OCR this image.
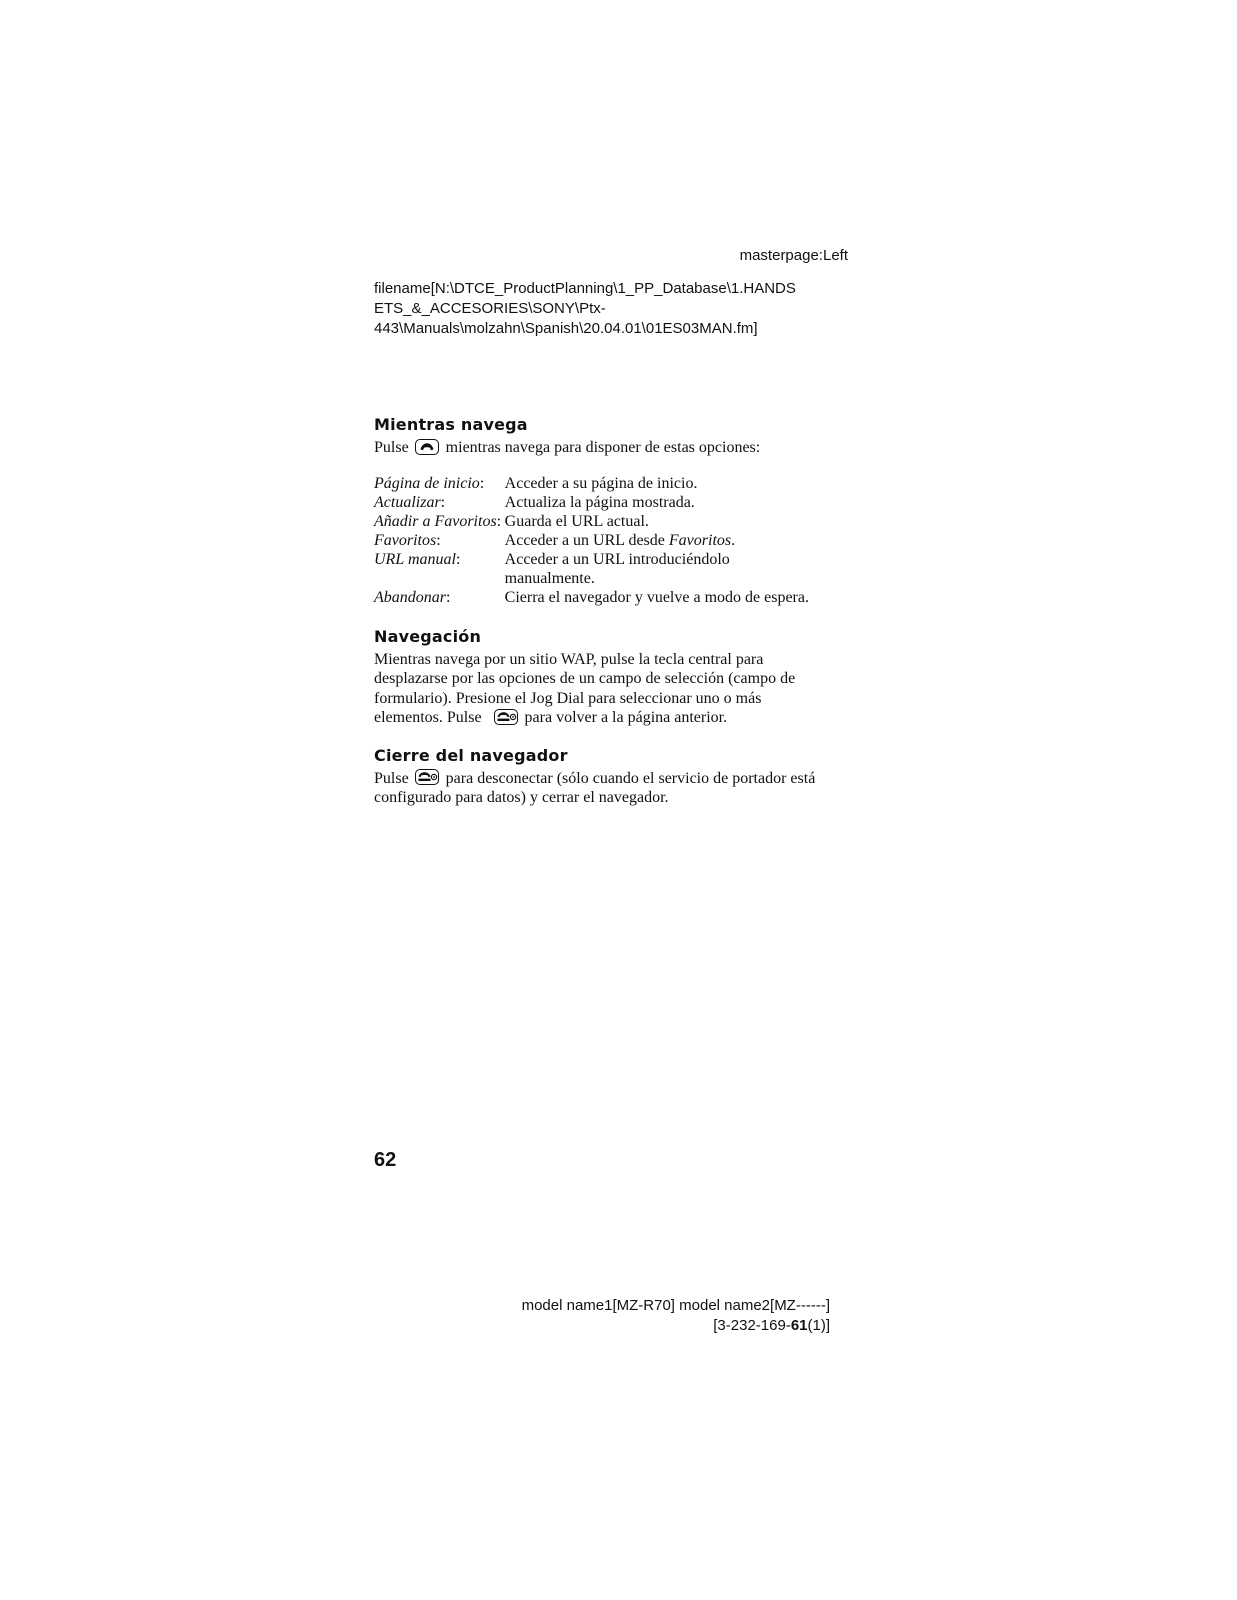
masterpage:Left
filename[N:\DTCE_ProductPlanning\1_PP_Database\1.HANDS
ETS_&_ACCESORIES\SONY\Ptx-
443\Manuals\molzahn\Spanish\20.04.01\01ES03MAN.fm]
Mientras navega

Pulse mientras navega para disponer de estas opciones:

Página de inicio:	Acceder a su página de inicio.
Actualizar:	Actualiza la página mostrada.
Añadir a Favoritos:	Guarda el URL actual.
Favoritos:	Acceder a un URL desde Favoritos.
URL manual:	Acceder a un URL introduciéndolo manualmente.
Abandonar:	Cierra el navegador y vuelve a modo de espera.
Navegación

Mientras navega por un sitio WAP, pulse la tecla central para desplazarse por las opciones de un campo de selección (campo de formulario). Presione el Jog Dial para seleccionar uno o más elementos. Pulse	para volver a la página anterior.

Cierre del navegador

Pulse para desconectar (sólo cuando el servicio de portador está configurado para datos) y cerrar el navegador.

62
model name1[MZ-R70] model name2[MZ------]
[3-232-169-61(1)]
